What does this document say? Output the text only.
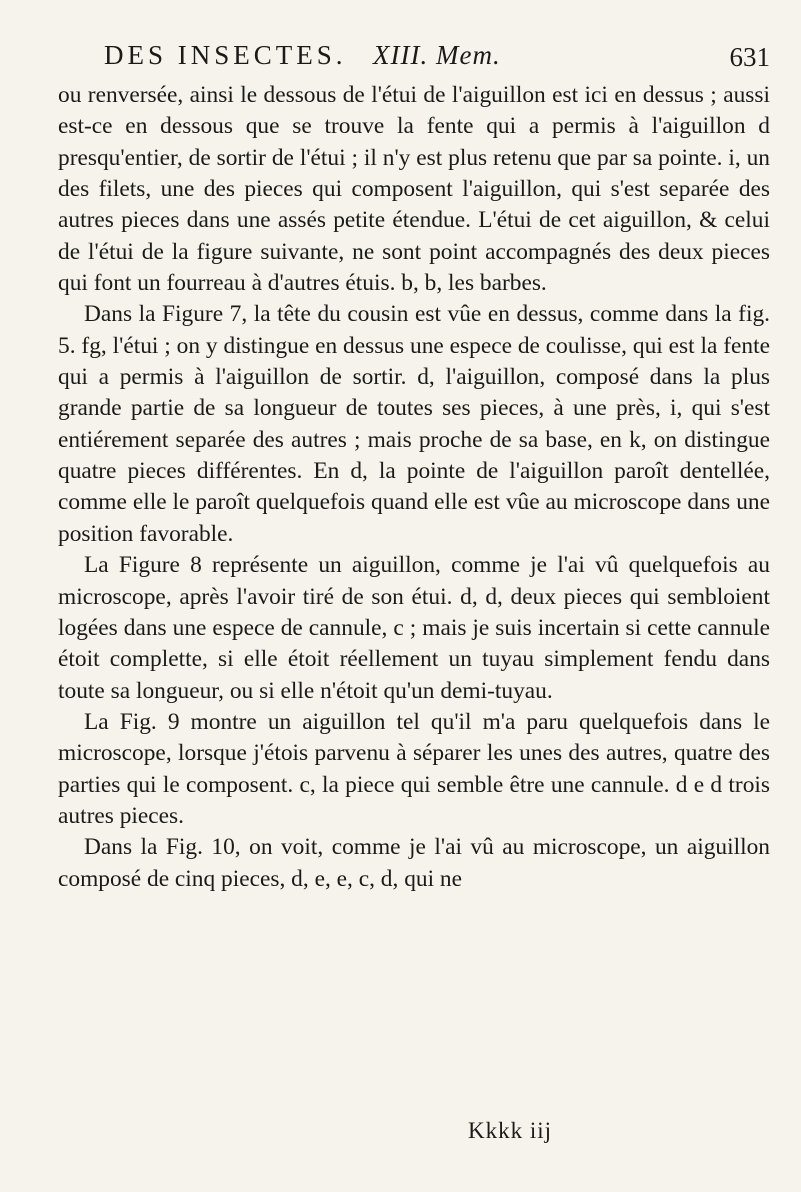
DES INSECTES. XIII. Mem.	631

ou renversée, ainsi le dessous de l'étui de l'aiguillon est ici en dessus ; aussi est-ce en dessous que se trouve la fente qui a permis à l'aiguillon d presqu'entier, de sortir de l'étui ; il n'y est plus retenu que par sa pointe. i, un des filets, une des pieces qui composent l'aiguillon, qui s'est separée des autres pieces dans une assés petite étendue. L'étui de cet aiguillon, & celui de l'étui de la figure suivante, ne sont point accompagnés des deux pieces qui font un fourreau à d'autres étuis. b, b, les barbes.

Dans la Figure 7, la tête du cousin est vûe en dessus, comme dans la fig. 5. fg, l'étui ; on y distingue en dessus une espece de coulisse, qui est la fente qui a permis à l'aiguillon de sortir. d, l'aiguillon, composé dans la plus grande partie de sa longueur de toutes ses pieces, à une près, i, qui s'est entiérement separée des autres ; mais proche de sa base, en k, on distingue quatre pieces différentes. En d, la pointe de l'aiguillon paroît dentellée, comme elle le paroît quelquefois quand elle est vûe au microscope dans une position favorable.

La Figure 8 représente un aiguillon, comme je l'ai vû quelquefois au microscope, après l'avoir tiré de son étui. d, d, deux pieces qui sembloient logées dans une espece de cannule, c ; mais je suis incertain si cette cannule étoit complette, si elle étoit réellement un tuyau simplement fendu dans toute sa longueur, ou si elle n'étoit qu'un demi-tuyau.

La Fig. 9 montre un aiguillon tel qu'il m'a paru quelquefois dans le microscope, lorsque j'étois parvenu à séparer les unes des autres, quatre des parties qui le composent. c, la piece qui semble être une cannule. d e d trois autres pieces.

Dans la Fig. 10, on voit, comme je l'ai vû au microscope, un aiguillon composé de cinq pieces, d, e, e, c, d, qui ne

Kkkk iij
